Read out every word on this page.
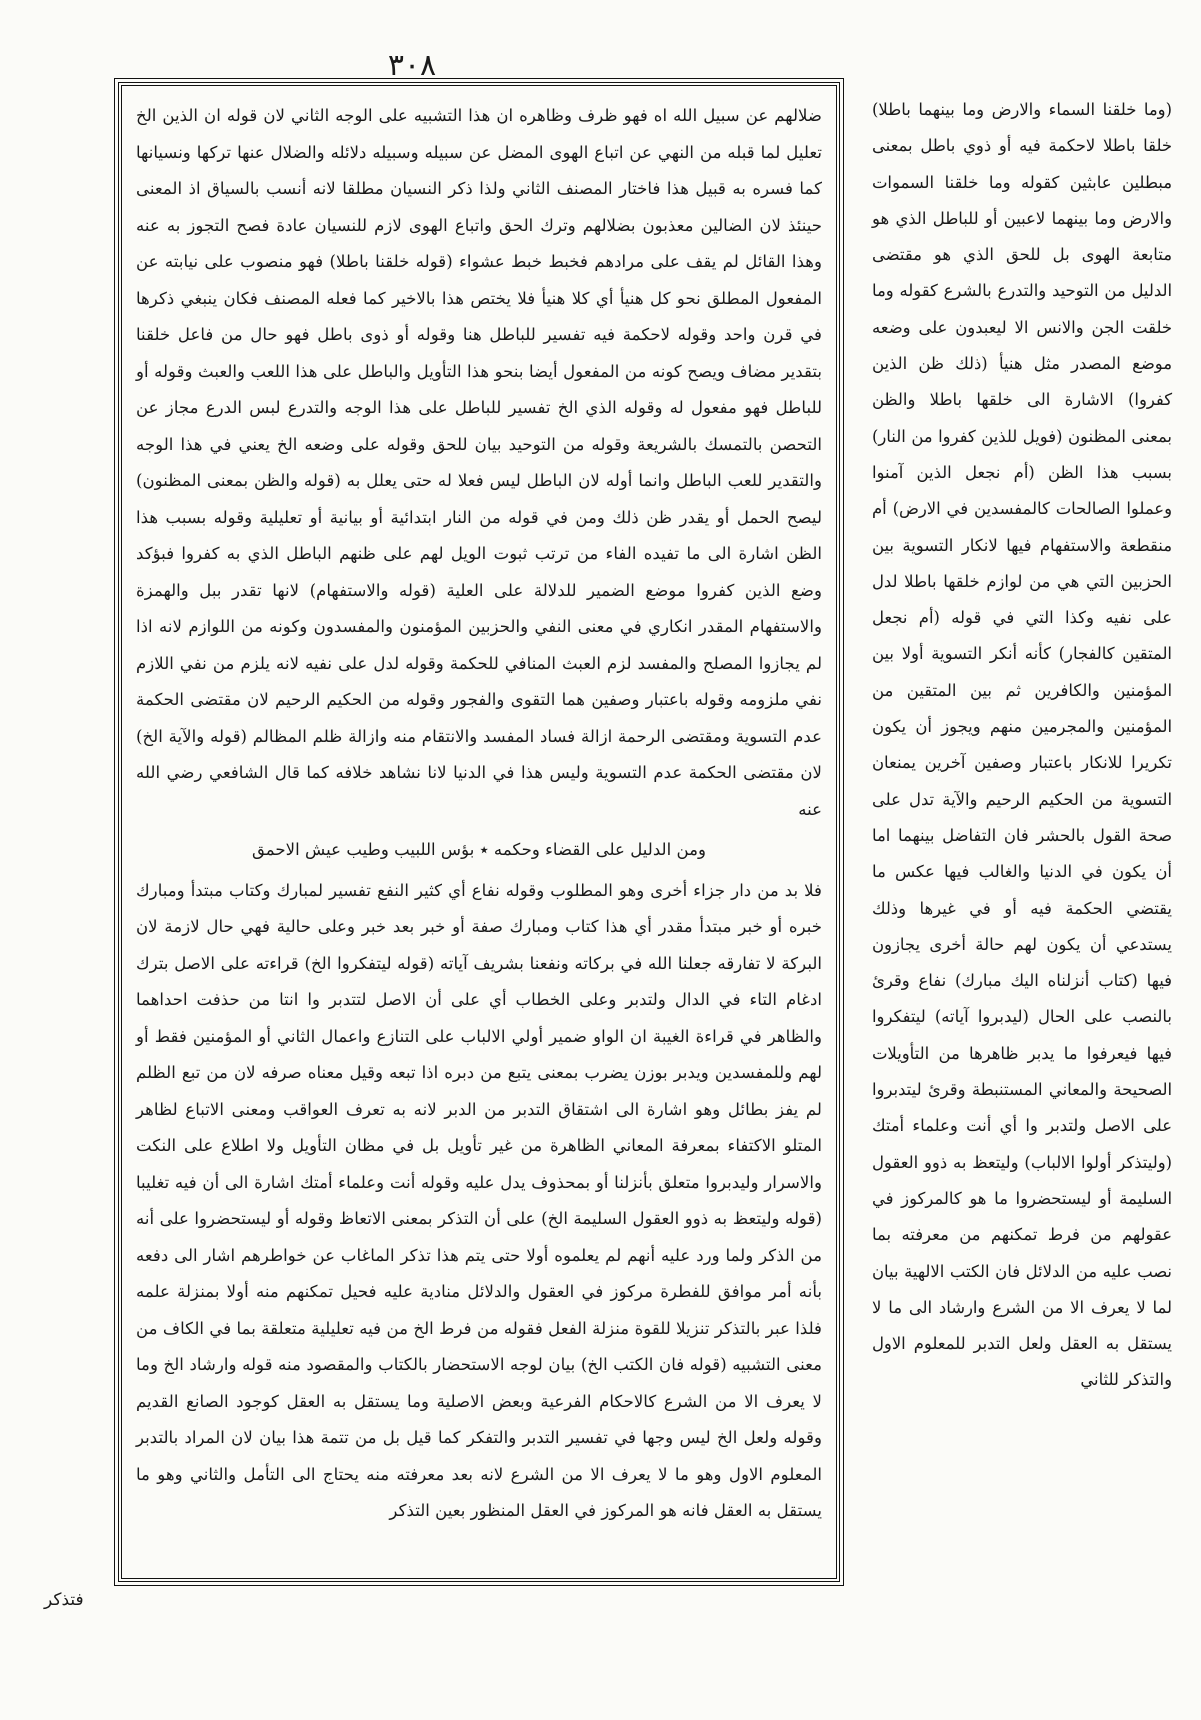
٣٠٨

ضلالهم عن سبيل الله اه فهو ظرف وظاهره ان هذا التشبيه على الوجه الثاني لان قوله ان الذين الخ تعليل لما قبله من النهي عن اتباع الهوى المضل عن سبيله وسبيله دلائله والضلال عنها تركها ونسيانها كما فسره به قبيل هذا فاختار المصنف الثاني ولذا ذكر النسيان مطلقا لانه أنسب بالسياق اذ المعنى حينئذ لان الضالين معذبون بضلالهم وترك الحق واتباع الهوى لازم للنسيان عادة فصح التجوز به عنه وهذا القائل لم يقف على مرادهم فخبط خبط عشواء (قوله خلقنا باطلا) فهو منصوب على نيابته عن المفعول المطلق نحو كل هنيأ أي كلا هنيأ فلا يختص هذا بالاخير كما فعله المصنف فكان ينبغي ذكرها في قرن واحد وقوله لاحكمة فيه تفسير للباطل هنا وقوله أو ذوى باطل فهو حال من فاعل خلقنا بتقدير مضاف ويصح كونه من المفعول أيضا بنحو هذا التأويل والباطل على هذا اللعب والعبث وقوله أو للباطل فهو مفعول له وقوله الذي الخ تفسير للباطل على هذا الوجه والتدرع لبس الدرع مجاز عن التحصن بالتمسك بالشريعة وقوله من التوحيد بيان للحق وقوله على وضعه الخ يعني في هذا الوجه والتقدير للعب الباطل وانما أوله لان الباطل ليس فعلا له حتى يعلل به (قوله والظن بمعنى المظنون) ليصح الحمل أو يقدر ظن ذلك ومن في قوله من النار ابتدائية أو بيانية أو تعليلية وقوله بسبب هذا الظن اشارة الى ما تفيده الفاء من ترتب ثبوت الويل لهم على ظنهم الباطل الذي به كفروا فبؤكد وضع الذين كفروا موضع الضمير للدلالة على العلية (قوله والاستفهام) لانها تقدر ببل والهمزة والاستفهام المقدر انكاري في معنى النفي والحزبين المؤمنون والمفسدون وكونه من اللوازم لانه اذا لم يجازوا المصلح والمفسد لزم العبث المنافي للحكمة وقوله لدل على نفيه لانه يلزم من نفي اللازم نفي ملزومه وقوله باعتبار وصفين هما التقوى والفجور وقوله من الحكيم الرحيم لان مقتضى الحكمة عدم التسوية ومقتضى الرحمة ازالة فساد المفسد والانتقام منه وازالة ظلم المظالم (قوله والآية الخ) لان مقتضى الحكمة عدم التسوية وليس هذا في الدنيا لانا نشاهد خلافه كما قال الشافعي رضي الله عنه

ومن الدليل على القضاء وحكمه ٭ بؤس اللبيب وطيب عيش الاحمق

فلا بد من دار جزاء أخرى وهو المطلوب وقوله نفاع أي كثير النفع تفسير لمبارك وكتاب مبتدأ ومبارك خبره أو خبر مبتدأ مقدر أي هذا كتاب ومبارك صفة أو خبر بعد خبر وعلى حالية فهي حال لازمة لان البركة لا تفارقه جعلنا الله في بركاته ونفعنا بشريف آياته (قوله ليتفكروا الخ) قراءته على الاصل بترك ادغام التاء في الدال ولتدبر وعلى الخطاب أي على أن الاصل لتتدبر وا انتا من حذفت احداهما والظاهر في قراءة الغيبة ان الواو ضمير أولي الالباب على التنازع واعمال الثاني أو المؤمنين فقط أو لهم وللمفسدين ويدبر بوزن يضرب بمعنى يتبع من دبره اذا تبعه وقيل معناه صرفه لان من تبع الظلم لم يفز بطائل وهو اشارة الى اشتقاق التدبر من الدبر لانه به تعرف العواقب ومعنى الاتباع لظاهر المتلو الاكتفاء بمعرفة المعاني الظاهرة من غير تأويل بل في مظان التأويل ولا اطلاع على النكت والاسرار وليدبروا متعلق بأنزلنا أو بمحذوف يدل عليه وقوله أنت وعلماء أمتك اشارة الى أن فيه تغليبا (قوله وليتعظ به ذوو العقول السليمة الخ) على أن التذكر بمعنى الاتعاظ وقوله أو ليستحضروا على أنه من الذكر ولما ورد عليه أنهم لم يعلموه أولا حتى يتم هذا تذكر الماغاب عن خواطرهم اشار الى دفعه بأنه أمر موافق للفطرة مركوز في العقول والدلائل منادية عليه فحيل تمكنهم منه أولا بمنزلة علمه فلذا عبر بالتذكر تنزيلا للقوة منزلة الفعل فقوله من فرط الخ من فيه تعليلية متعلقة بما في الكاف من معنى التشبيه (قوله فان الكتب الخ) بيان لوجه الاستحضار بالكتاب والمقصود منه قوله وارشاد الخ وما لا يعرف الا من الشرع كالاحكام الفرعية وبعض الاصلية وما يستقل به العقل كوجود الصانع القديم وقوله ولعل الخ ليس وجها في تفسير التدبر والتفكر كما قيل بل من تتمة هذا بيان لان المراد بالتدبر المعلوم الاول وهو ما لا يعرف الا من الشرع لانه بعد معرفته منه يحتاج الى التأمل والثاني وهو ما يستقل به العقل فانه هو المركوز في العقل المنظور بعين التذكر

(وما خلقنا السماء والارض وما بينهما باطلا) خلقا باطلا لاحكمة فيه أو ذوي باطل بمعنى مبطلين عابثين كقوله وما خلقنا السموات والارض وما بينهما لاعبين أو للباطل الذي هو متابعة الهوى بل للحق الذي هو مقتضى الدليل من التوحيد والتدرع بالشرع كقوله وما خلقت الجن والانس الا ليعبدون على وضعه موضع المصدر مثل هنيأ (ذلك ظن الذين كفروا) الاشارة الى خلقها باطلا والظن بمعنى المظنون (فويل للذين كفروا من النار) بسبب هذا الظن (أم نجعل الذين آمنوا وعملوا الصالحات كالمفسدين في الارض) أم منقطعة والاستفهام فيها لانكار التسوية بين الحزبين التي هي من لوازم خلقها باطلا لدل على نفيه وكذا التي في قوله (أم نجعل المتقين كالفجار) كأنه أنكر التسوية أولا بين المؤمنين والكافرين ثم بين المتقين من المؤمنين والمجرمين منهم ويجوز أن يكون تكريرا للانكار باعتبار وصفين آخرين يمنعان التسوية من الحكيم الرحيم والآية تدل على صحة القول بالحشر فان التفاضل بينهما اما أن يكون في الدنيا والغالب فيها عكس ما يقتضي الحكمة فيه أو في غيرها وذلك يستدعي أن يكون لهم حالة أخرى يجازون فيها (كتاب أنزلناه اليك مبارك) نفاع وقرئ بالنصب على الحال (ليدبروا آياته) ليتفكروا فيها فيعرفوا ما يدبر ظاهرها من التأويلات الصحيحة والمعاني المستنبطة وقرئ ليتدبروا على الاصل ولتدبر وا أي أنت وعلماء أمتك (وليتذكر أولوا الالباب) وليتعظ به ذوو العقول السليمة أو ليستحضروا ما هو كالمركوز في عقولهم من فرط تمكنهم من معرفته بما نصب عليه من الدلائل فان الكتب الالهية بيان لما لا يعرف الا من الشرع وارشاد الى ما لا يستقل به العقل ولعل التدبر للمعلوم الاول والتذكر للثاني

فتذكر
